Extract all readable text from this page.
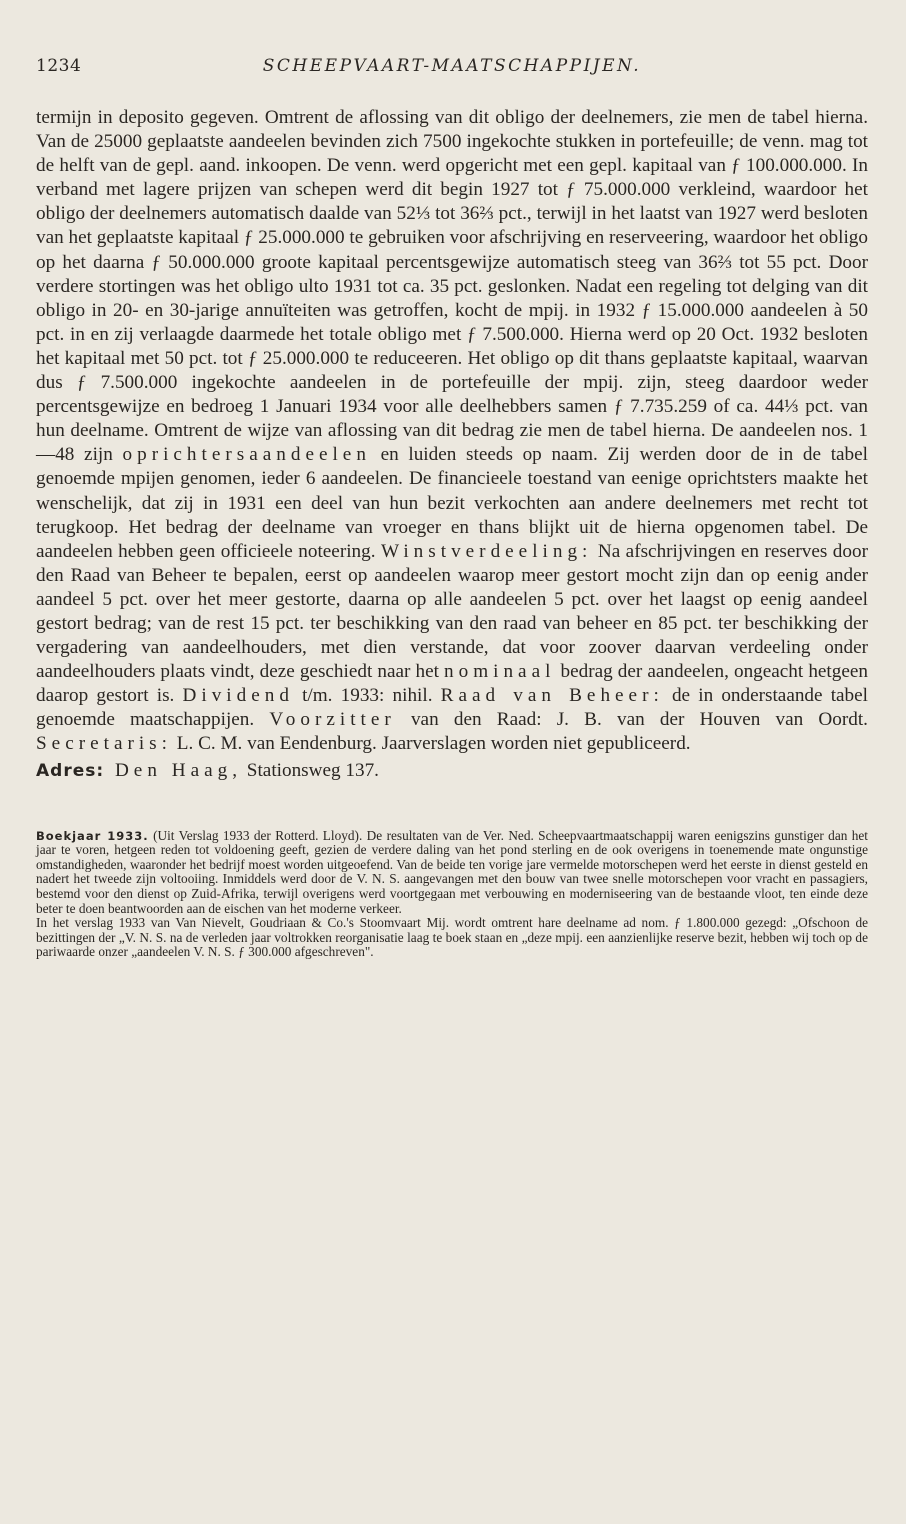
1234	SCHEEPVAART-MAATSCHAPPIJEN.

termijn in deposito gegeven. Omtrent de aflossing van dit obligo der deelnemers, zie men de tabel hierna. Van de 25000 geplaatste aandeelen bevinden zich 7500 ingekochte stukken in portefeuille; de venn. mag tot de helft van de gepl. aand. inkoopen. De venn. werd opgericht met een gepl. kapitaal van ƒ 100.000.000. In verband met lagere prijzen van schepen werd dit begin 1927 tot ƒ 75.000.000 verkleind, waardoor het obligo der deelnemers automatisch daalde van 52⅓ tot 36⅔ pct., terwijl in het laatst van 1927 werd besloten van het geplaatste kapitaal ƒ 25.000.000 te gebruiken voor afschrijving en reserveering, waardoor het obligo op het daarna ƒ 50.000.000 groote kapitaal percentsgewijze automatisch steeg van 36⅔ tot 55 pct. Door verdere stortingen was het obligo ulto 1931 tot ca. 35 pct. geslonken. Nadat een regeling tot delging van dit obligo in 20- en 30-jarige annuïteiten was getroffen, kocht de mpij. in 1932 ƒ 15.000.000 aandeelen à 50 pct. in en zij verlaagde daarmede het totale obligo met ƒ 7.500.000. Hierna werd op 20 Oct. 1932 besloten het kapitaal met 50 pct. tot ƒ 25.000.000 te reduceeren. Het obligo op dit thans geplaatste kapitaal, waarvan dus ƒ 7.500.000 ingekochte aandeelen in de portefeuille der mpij. zijn, steeg daardoor weder percentsgewijze en bedroeg 1 Januari 1934 voor alle deelhebbers samen ƒ 7.735.259 of ca. 44⅓ pct. van hun deelname. Omtrent de wijze van aflossing van dit bedrag zie men de tabel hierna. De aandeelen nos. 1—48 zijn oprichtersaandeelen en luiden steeds op naam. Zij werden door de in de tabel genoemde mpijen genomen, ieder 6 aandeelen. De financieele toestand van eenige oprichtsters maakte het wenschelijk, dat zij in 1931 een deel van hun bezit verkochten aan andere deelnemers met recht tot terugkoop. Het bedrag der deelname van vroeger en thans blijkt uit de hierna opgenomen tabel. De aandeelen hebben geen officieele noteering. Winstverdeeling: Na afschrijvingen en reserves door den Raad van Beheer te bepalen, eerst op aandeelen waarop meer gestort mocht zijn dan op eenig ander aandeel 5 pct. over het meer gestorte, daarna op alle aandeelen 5 pct. over het laagst op eenig aandeel gestort bedrag; van de rest 15 pct. ter beschikking van den raad van beheer en 85 pct. ter beschikking der vergadering van aandeelhouders, met dien verstande, dat voor zoover daarvan verdeeling onder aandeelhouders plaats vindt, deze geschiedt naar het nominaal bedrag der aandeelen, ongeacht hetgeen daarop gestort is. Dividend t/m. 1933: nihil. Raad van Beheer: de in onderstaande tabel genoemde maatschappijen. Voorzitter van den Raad: J. B. van der Houven van Oordt. Secretaris: L. C. M. van Eendenburg. Jaarverslagen worden niet gepubliceerd.

Adres: Den Haag, Stationsweg 137.

Boekjaar 1933. (Uit Verslag 1933 der Rotterd. Lloyd). De resultaten van de Ver. Ned. Scheepvaartmaatschappij waren eenigszins gunstiger dan het jaar te voren, hetgeen reden tot voldoening geeft, gezien de verdere daling van het pond sterling en de ook overigens in toenemende mate ongunstige omstandigheden, waaronder het bedrijf moest worden uitgeoefend. Van de beide ten vorige jare vermelde motorschepen werd het eerste in dienst gesteld en nadert het tweede zijn voltooiing. Inmiddels werd door de V. N. S. aangevangen met den bouw van twee snelle motorschepen voor vracht en passagiers, bestemd voor den dienst op Zuid-Afrika, terwijl overigens werd voortgegaan met verbouwing en moderniseering van de bestaande vloot, ten einde deze beter te doen beantwoorden aan de eischen van het moderne verkeer.

In het verslag 1933 van Van Nievelt, Goudriaan & Co.'s Stoomvaart Mij. wordt omtrent hare deelname ad nom. ƒ 1.800.000 gezegd: „Ofschoon de bezittingen der „V. N. S. na de verleden jaar voltrokken reorganisatie laag te boek staan en „deze mpij. een aanzienlijke reserve bezit, hebben wij toch op de pariwaarde onzer „aandeelen V. N. S. ƒ 300.000 afgeschreven".
